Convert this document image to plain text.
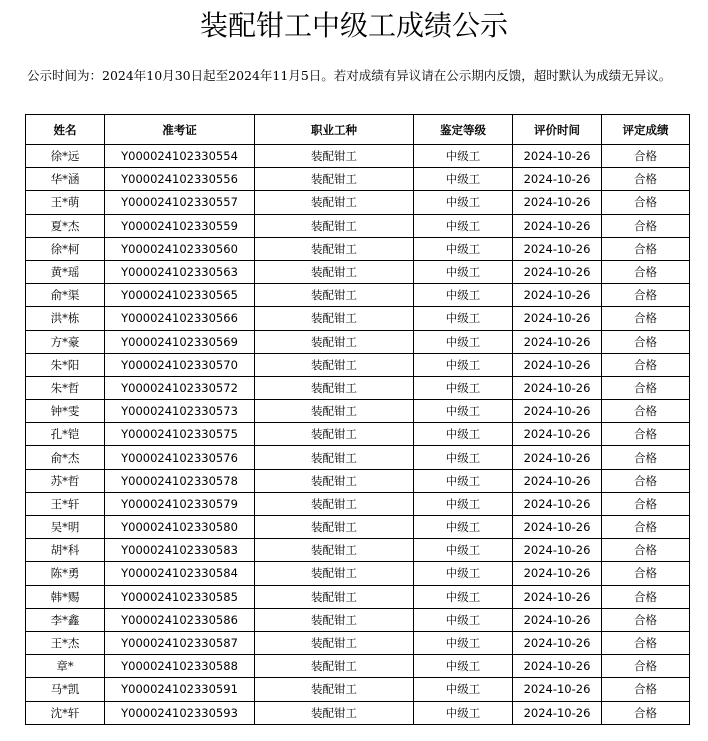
装配钳工中级工成绩公示
公示时间为：2024年10月30日起至2024年11月5日。若对成绩有异议请在公示期内反馈，超时默认为成绩无异议。
姓名	准考证	职业工种	鉴定等级	评价时间	评定成绩
徐*远	Y000024102330554	装配钳工	中级工	2024-10-26	合格
华*涵	Y000024102330556	装配钳工	中级工	2024-10-26	合格
王*萌	Y000024102330557	装配钳工	中级工	2024-10-26	合格
夏*杰	Y000024102330559	装配钳工	中级工	2024-10-26	合格
徐*柯	Y000024102330560	装配钳工	中级工	2024-10-26	合格
黄*瑶	Y000024102330563	装配钳工	中级工	2024-10-26	合格
俞*渠	Y000024102330565	装配钳工	中级工	2024-10-26	合格
洪*栋	Y000024102330566	装配钳工	中级工	2024-10-26	合格
方*豪	Y000024102330569	装配钳工	中级工	2024-10-26	合格
朱*阳	Y000024102330570	装配钳工	中级工	2024-10-26	合格
朱*哲	Y000024102330572	装配钳工	中级工	2024-10-26	合格
钟*雯	Y000024102330573	装配钳工	中级工	2024-10-26	合格
孔*铠	Y000024102330575	装配钳工	中级工	2024-10-26	合格
俞*杰	Y000024102330576	装配钳工	中级工	2024-10-26	合格
苏*哲	Y000024102330578	装配钳工	中级工	2024-10-26	合格
王*轩	Y000024102330579	装配钳工	中级工	2024-10-26	合格
吴*明	Y000024102330580	装配钳工	中级工	2024-10-26	合格
胡*科	Y000024102330583	装配钳工	中级工	2024-10-26	合格
陈*勇	Y000024102330584	装配钳工	中级工	2024-10-26	合格
韩*赐	Y000024102330585	装配钳工	中级工	2024-10-26	合格
李*鑫	Y000024102330586	装配钳工	中级工	2024-10-26	合格
王*杰	Y000024102330587	装配钳工	中级工	2024-10-26	合格
章*	Y000024102330588	装配钳工	中级工	2024-10-26	合格
马*凯	Y000024102330591	装配钳工	中级工	2024-10-26	合格
沈*轩	Y000024102330593	装配钳工	中级工	2024-10-26	合格
